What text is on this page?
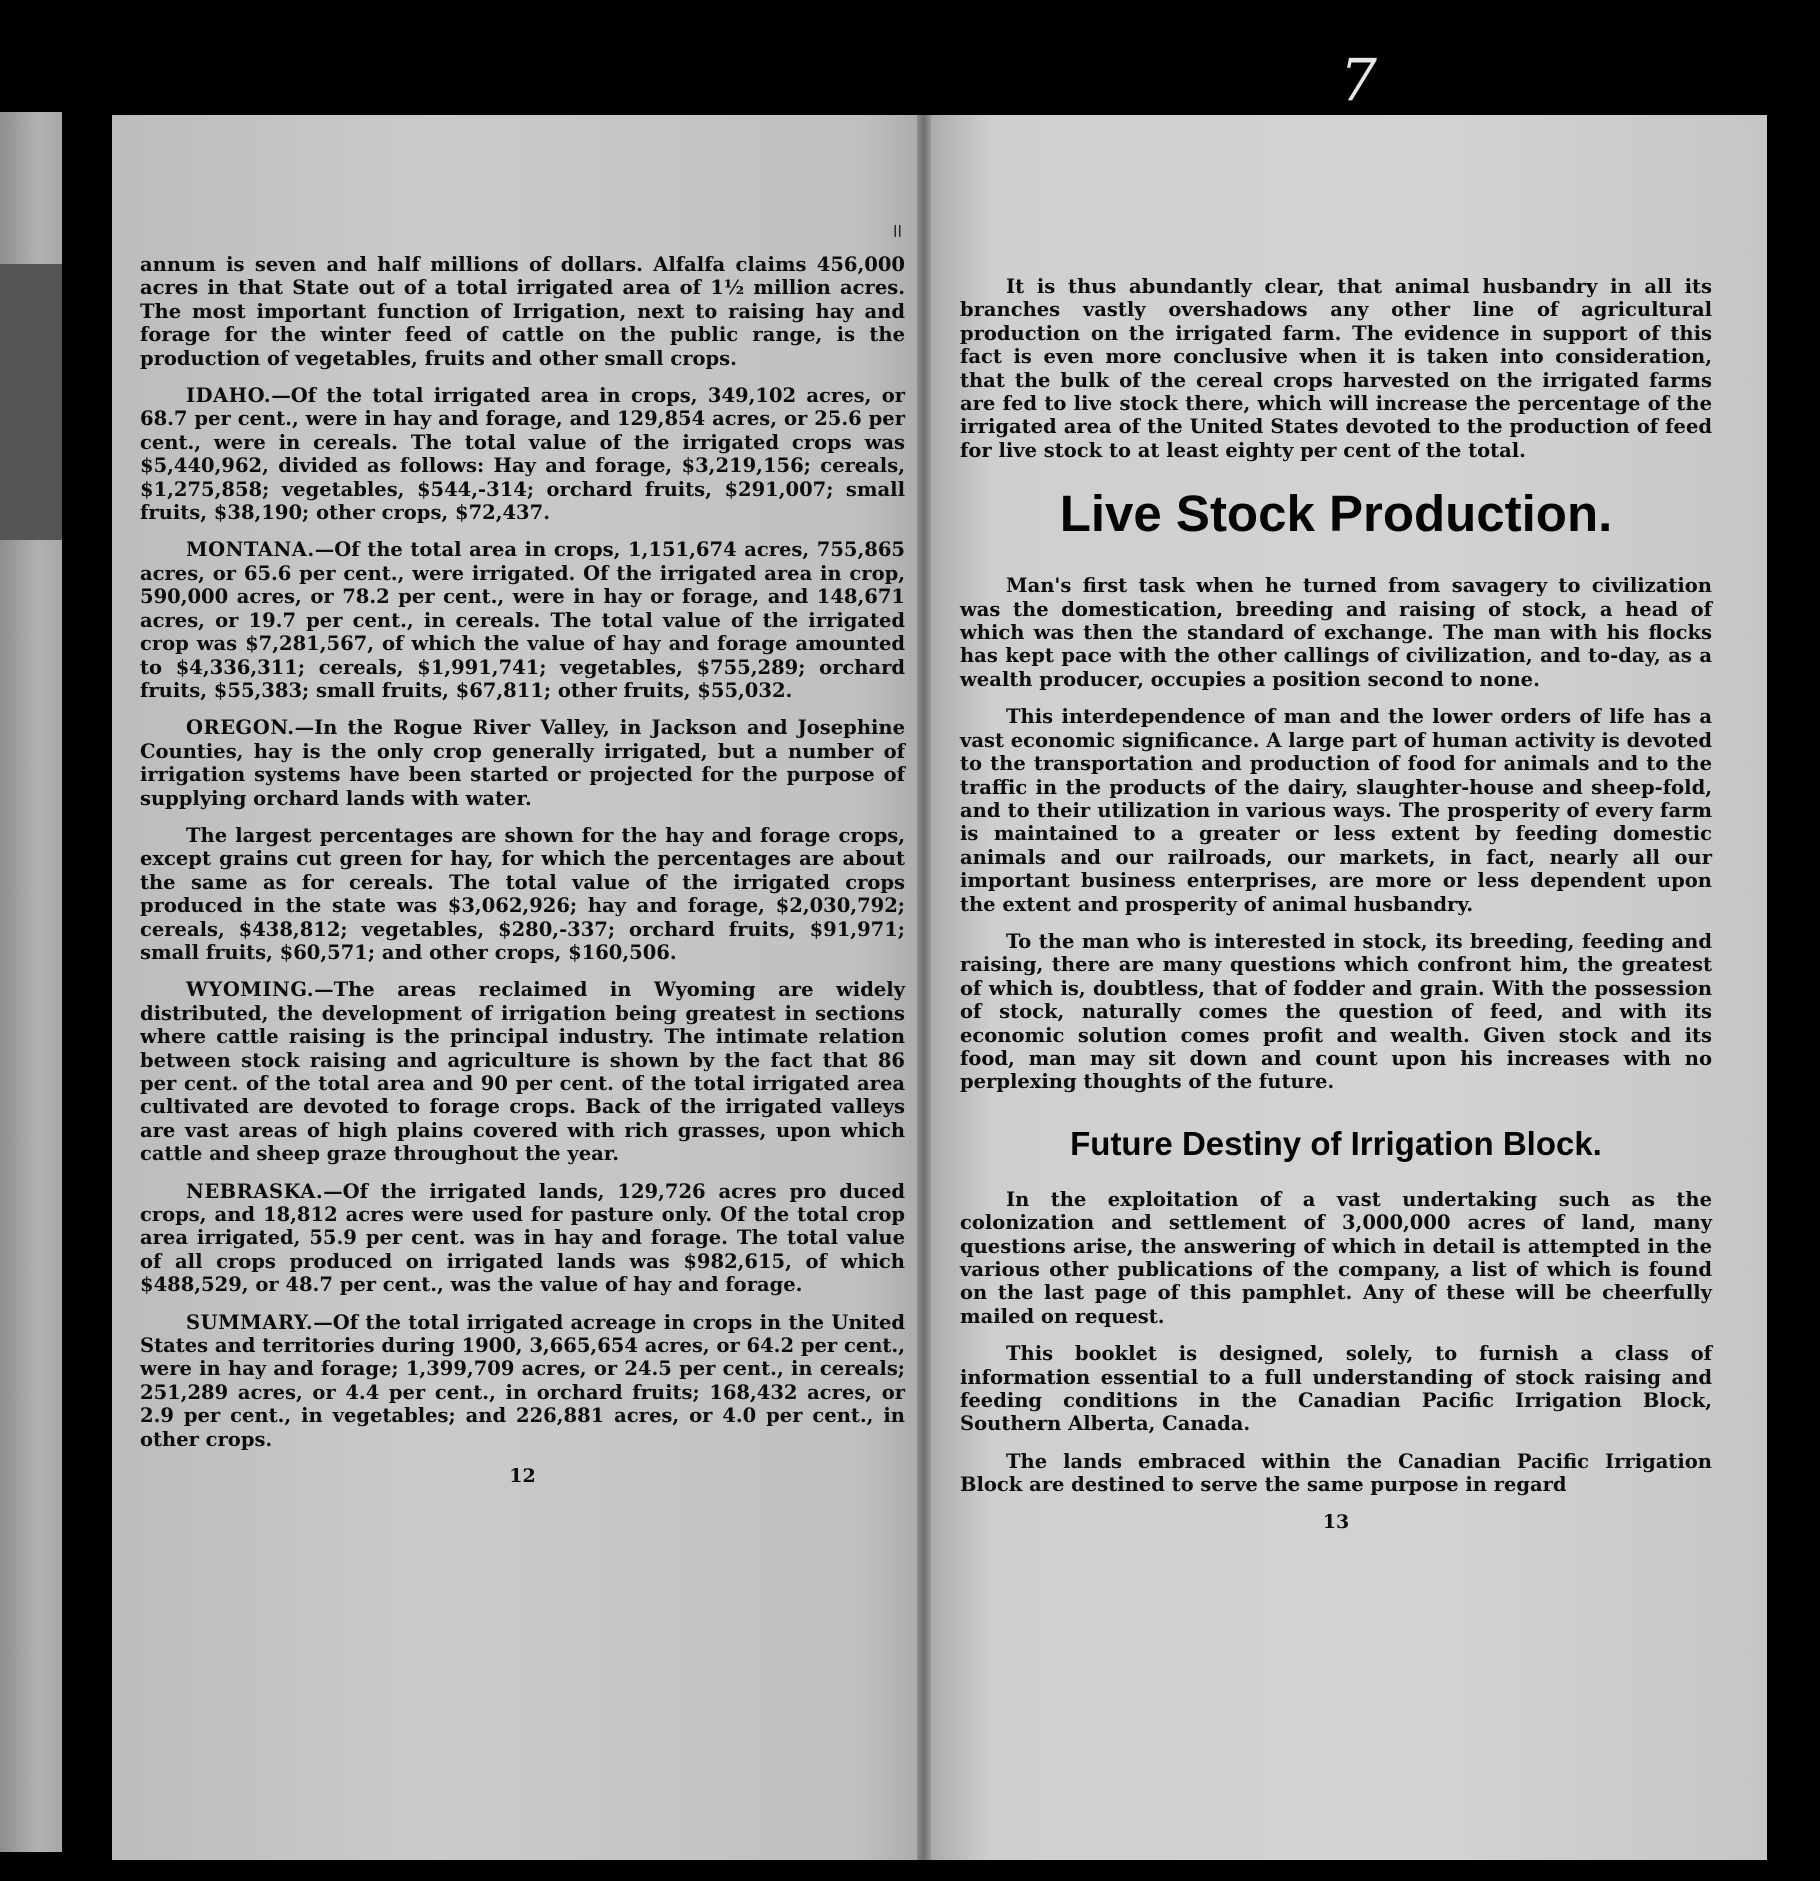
7
ll

annum is seven and half millions of dollars. Alfalfa claims 456,000 acres in that State out of a total irrigated area of 1½ million acres. The most important function of Irrigation, next to raising hay and forage for the winter feed of cattle on the public range, is the production of vegetables, fruits and other small crops.

IDAHO.—Of the total irrigated area in crops, 349,102 acres, or 68.7 per cent., were in hay and forage, and 129,854 acres, or 25.6 per cent., were in cereals. The total value of the irrigated crops was $5,440,962, divided as follows: Hay and forage, $3,219,156; cereals, $1,275,858; vegetables, $544,-314; orchard fruits, $291,007; small fruits, $38,190; other crops, $72,437.

MONTANA.—Of the total area in crops, 1,151,674 acres, 755,865 acres, or 65.6 per cent., were irrigated. Of the irrigated area in crop, 590,000 acres, or 78.2 per cent., were in hay or forage, and 148,671 acres, or 19.7 per cent., in cereals. The total value of the irrigated crop was $7,281,567, of which the value of hay and forage amounted to $4,336,311; cereals, $1,991,741; vegetables, $755,289; orchard fruits, $55,383; small fruits, $67,811; other fruits, $55,032.

OREGON.—In the Rogue River Valley, in Jackson and Josephine Counties, hay is the only crop generally irrigated, but a number of irrigation systems have been started or projected for the purpose of supplying orchard lands with water.

The largest percentages are shown for the hay and forage crops, except grains cut green for hay, for which the percentages are about the same as for cereals. The total value of the irrigated crops produced in the state was $3,062,926; hay and forage, $2,030,792; cereals, $438,812; vegetables, $280,-337; orchard fruits, $91,971; small fruits, $60,571; and other crops, $160,506.

WYOMING.—The areas reclaimed in Wyoming are widely distributed, the development of irrigation being greatest in sections where cattle raising is the principal industry. The intimate relation between stock raising and agriculture is shown by the fact that 86 per cent. of the total area and 90 per cent. of the total irrigated area cultivated are devoted to forage crops. Back of the irrigated valleys are vast areas of high plains covered with rich grasses, upon which cattle and sheep graze throughout the year.

NEBRASKA.—Of the irrigated lands, 129,726 acres pro duced crops, and 18,812 acres were used for pasture only. Of the total crop area irrigated, 55.9 per cent. was in hay and forage. The total value of all crops produced on irrigated lands was $982,615, of which $488,529, or 48.7 per cent., was the value of hay and forage.

SUMMARY.—Of the total irrigated acreage in crops in the United States and territories during 1900, 3,665,654 acres, or 64.2 per cent., were in hay and forage; 1,399,709 acres, or 24.5 per cent., in cereals; 251,289 acres, or 4.4 per cent., in orchard fruits; 168,432 acres, or 2.9 per cent., in vegetables; and 226,881 acres, or 4.0 per cent., in other crops.

12

It is thus abundantly clear, that animal husbandry in all its branches vastly overshadows any other line of agricultural production on the irrigated farm. The evidence in support of this fact is even more conclusive when it is taken into consideration, that the bulk of the cereal crops harvested on the irrigated farms are fed to live stock there, which will increase the percentage of the irrigated area of the United States devoted to the production of feed for live stock to at least eighty per cent of the total.

Live Stock Production.

Man's first task when he turned from savagery to civilization was the domestication, breeding and raising of stock, a head of which was then the standard of exchange. The man with his flocks has kept pace with the other callings of civilization, and to-day, as a wealth producer, occupies a position second to none.

This interdependence of man and the lower orders of life has a vast economic significance. A large part of human activity is devoted to the transportation and production of food for animals and to the traffic in the products of the dairy, slaughter-house and sheep-fold, and to their utilization in various ways. The prosperity of every farm is maintained to a greater or less extent by feeding domestic animals and our railroads, our markets, in fact, nearly all our important business enterprises, are more or less dependent upon the extent and prosperity of animal husbandry.

To the man who is interested in stock, its breeding, feeding and raising, there are many questions which confront him, the greatest of which is, doubtless, that of fodder and grain. With the possession of stock, naturally comes the question of feed, and with its economic solution comes profit and wealth. Given stock and its food, man may sit down and count upon his increases with no perplexing thoughts of the future.

Future Destiny of Irrigation Block.

In the exploitation of a vast undertaking such as the colonization and settlement of 3,000,000 acres of land, many questions arise, the answering of which in detail is attempted in the various other publications of the company, a list of which is found on the last page of this pamphlet. Any of these will be cheerfully mailed on request.

This booklet is designed, solely, to furnish a class of information essential to a full understanding of stock raising and feeding conditions in the Canadian Pacific Irrigation Block, Southern Alberta, Canada.

The lands embraced within the Canadian Pacific Irrigation Block are destined to serve the same purpose in regard

13
